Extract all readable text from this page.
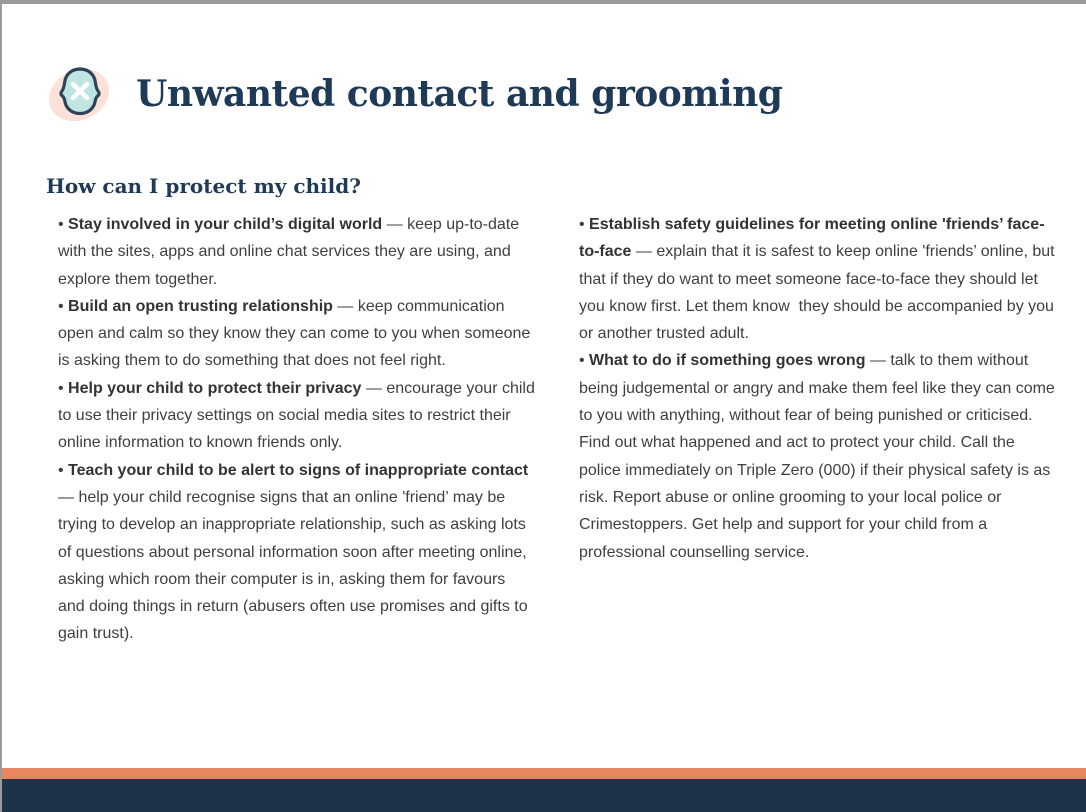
Unwanted contact and grooming
How can I protect my child?
• Stay involved in your child’s digital world — keep up-to-date with the sites, apps and online chat services they are using, and explore them together.
• Build an open trusting relationship — keep communication open and calm so they know they can come to you when someone is asking them to do something that does not feel right.
• Help your child to protect their privacy — encourage your child to use their privacy settings on social media sites to restrict their online information to known friends only.
• Teach your child to be alert to signs of inappropriate contact — help your child recognise signs that an online 'friend’ may be trying to develop an inappropriate relationship, such as asking lots of questions about personal information soon after meeting online, asking which room their computer is in, asking them for favours and doing things in return (abusers often use promises and gifts to gain trust).
• Establish safety guidelines for meeting online 'friends’ face-to-face — explain that it is safest to keep online 'friends’ online, but that if they do want to meet someone face-to-face they should let you know first. Let them know  they should be accompanied by you or another trusted adult.
• What to do if something goes wrong — talk to them without being judgemental or angry and make them feel like they can come to you with anything, without fear of being punished or criticised. Find out what happened and act to protect your child. Call the police immediately on Triple Zero (000) if their physical safety is as risk. Report abuse or online grooming to your local police or Crimestoppers. Get help and support for your child from a professional counselling service.
